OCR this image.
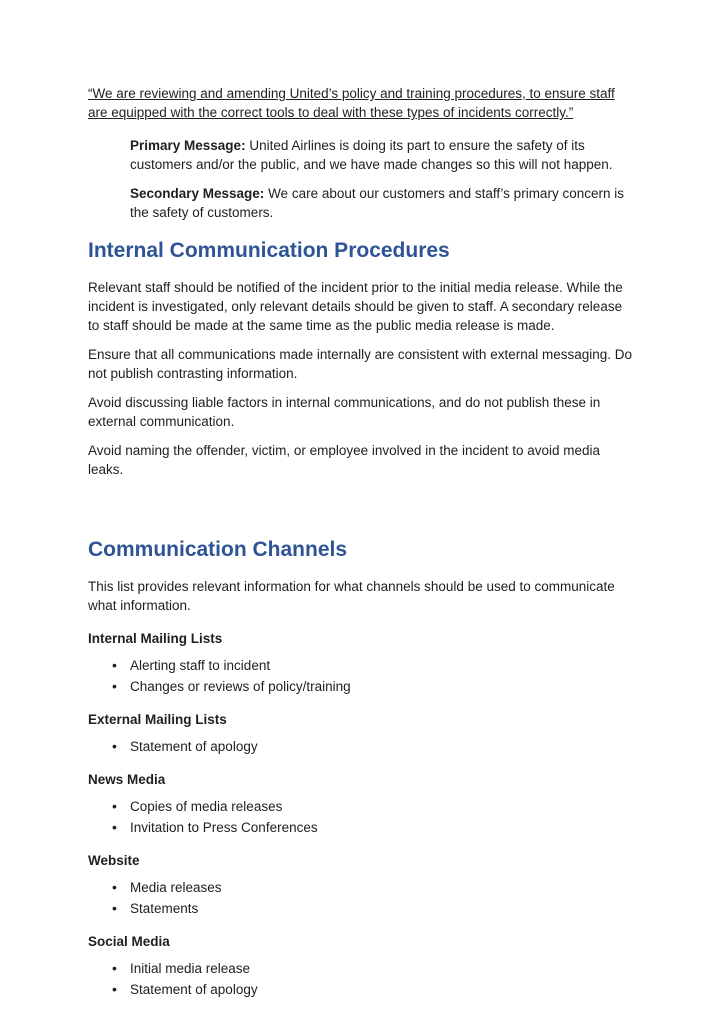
“We are reviewing and amending United’s policy and training procedures, to ensure staff are equipped with the correct tools to deal with these types of incidents correctly.”

Primary Message: United Airlines is doing its part to ensure the safety of its customers and/or the public, and we have made changes so this will not happen.

Secondary Message: We care about our customers and staff’s primary concern is the safety of customers.

Internal Communication Procedures

Relevant staff should be notified of the incident prior to the initial media release. While the incident is investigated, only relevant details should be given to staff. A secondary release to staff should be made at the same time as the public media release is made.

Ensure that all communications made internally are consistent with external messaging. Do not publish contrasting information.

Avoid discussing liable factors in internal communications, and do not publish these in external communication.

Avoid naming the offender, victim, or employee involved in the incident to avoid media leaks.

Communication Channels

This list provides relevant information for what channels should be used to communicate what information.

Internal Mailing Lists
• Alerting staff to incident
• Changes or reviews of policy/training
External Mailing Lists
• Statement of apology
News Media
• Copies of media releases
• Invitation to Press Conferences
Website
• Media releases
• Statements
Social Media
• Initial media release
• Statement of apology
